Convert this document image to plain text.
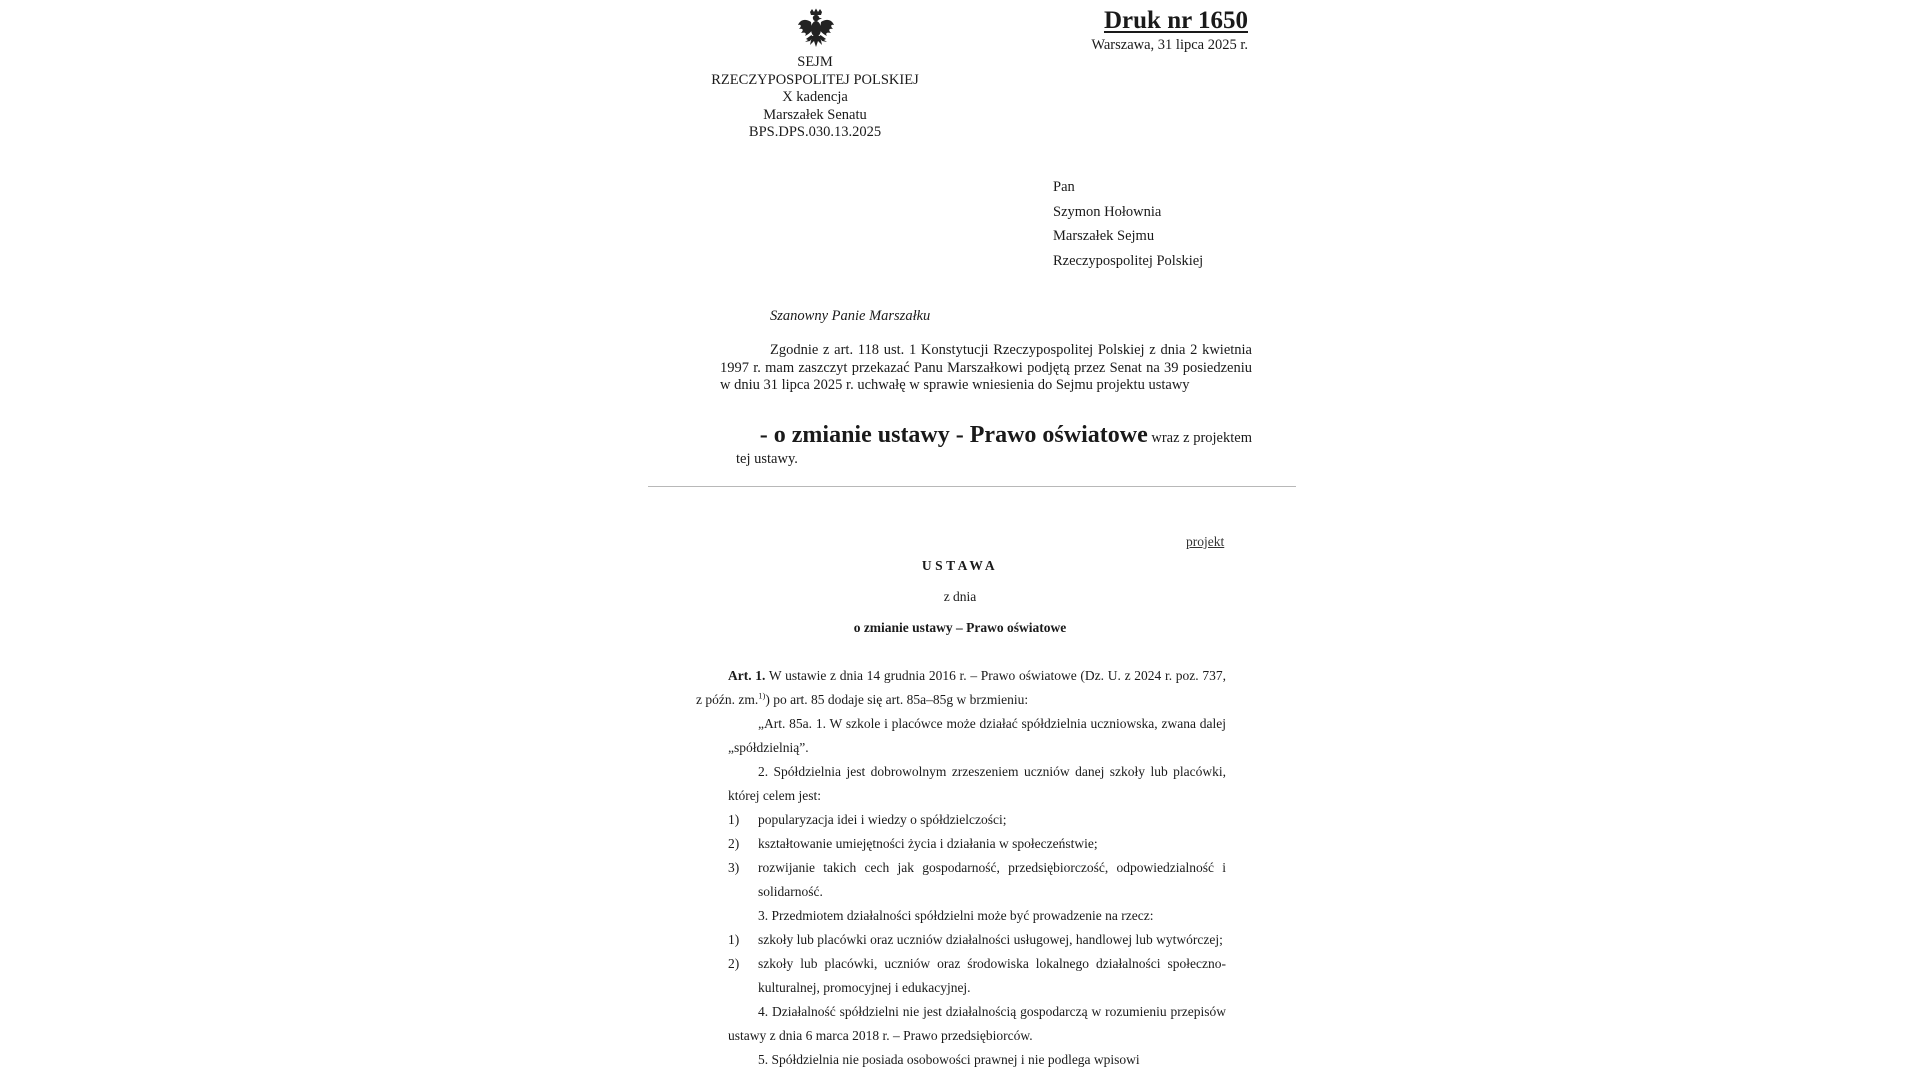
SEJM
RZECZYPOSPOLITEJ POLSKIEJ
X kadencja
Marszałek Senatu
BPS.DPS.030.13.2025
Druk nr 1650
Warszawa, 31 lipca 2025 r.
Pan
Szymon Hołownia
Marszałek Sejmu
Rzeczypospolitej Polskiej
Szanowny Panie Marszałku
Zgodnie z art. 118 ust. 1 Konstytucji Rzeczypospolitej Polskiej z dnia 2 kwietnia 1997 r. mam zaszczyt przekazać Panu Marszałkowi podjętą przez Senat na 39 posiedzeniu w dniu 31 lipca 2025 r. uchwałę w sprawie wniesienia do Sejmu projektu ustawy
- o zmianie ustawy - Prawo oświatowe wraz z projektem
tej ustawy.
projekt
USTAWA
z dnia
o zmianie ustawy – Prawo oświatowe

Art. 1. W ustawie z dnia 14 grudnia 2016 r. – Prawo oświatowe (Dz. U. z 2024 r. poz. 737, z późn. zm.$^{1)}$) po art. 85 dodaje się art. 85a–85g w brzmieniu:

„Art. 85a. 1. W szkole i placówce może działać spółdzielnia uczniowska, zwana dalej „spółdzielnią”.

2. Spółdzielnia jest dobrowolnym zrzeszeniem uczniów danej szkoły lub placówki, której celem jest:

1)	popularyzacja idei i wiedzy o spółdzielczości;
2)	kształtowanie umiejętności życia i działania w społeczeństwie;
3)	rozwijanie takich cech jak gospodarność, przedsiębiorczość, odpowiedzialność i solidarność.

3. Przedmiotem działalności spółdzielni może być prowadzenie na rzecz:

1)	szkoły lub placówki oraz uczniów działalności usługowej, handlowej lub wytwórczej;
2)	szkoły lub placówki, uczniów oraz środowiska lokalnego działalności społeczno-kulturalnej, promocyjnej i edukacyjnej.

4. Działalność spółdzielni nie jest działalnością gospodarczą w rozumieniu przepisów ustawy z dnia 6 marca 2018 r. – Prawo przedsiębiorców.

5. Spółdzielnia nie posiada osobowości prawnej i nie podlega wpisowi
